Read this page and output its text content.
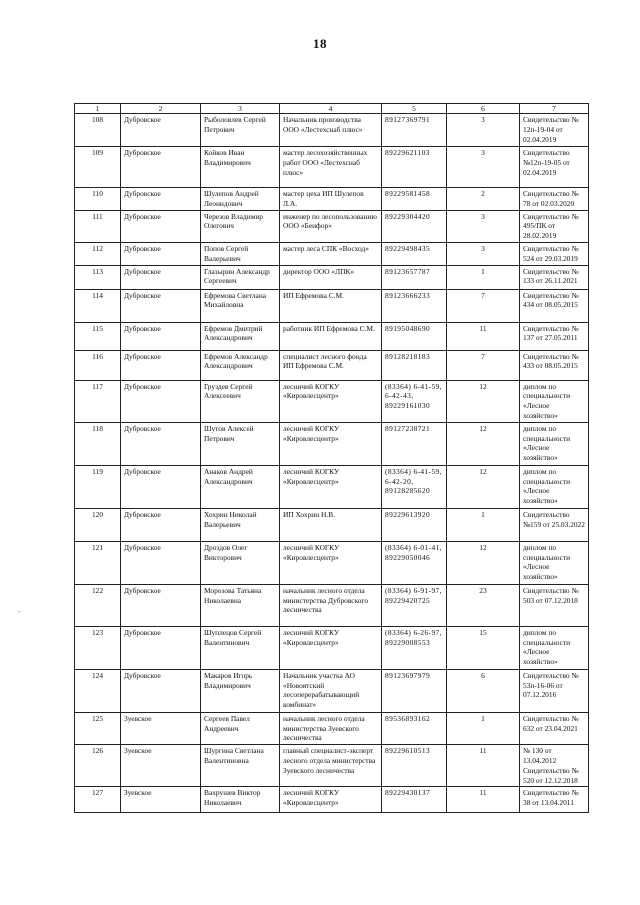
18
-
1	2	3	4	5	6	7
108	Дубровское	Рыболовлев Сергей Петрович	Начальник производства ООО «Лестехснаб плюс»	89127369791	3	Свидетельство № 12п-19-04 от 02.04.2019
109	Дубровское	Койков Иван Владимирович	мастер лесохозяйственных работ ООО «Лестехснаб плюс»	89229621103	3	Свидетельство №12п-19-05 от 02.04.2019
110	Дубровское	Шулепов Андрей Леонидович	мастер цеха ИП Шулепов Л.А.	89229581458	2	Свидетельство № 78 от 02.03.2020
111	Дубровское	Черезов Владимир Олегович	инженер по лесопользованию ООО «Бенфор»	89229304420	3	Свидетельство № 495/ПК от 28.02.2019
112	Дубровское	Попов Сергей Валерьевич	мастер леса СПК «Восход»	89229498435	3	Свидетельство № 524 от 29.03.2019
113	Дубровское	Глазырин Александр Сергеевич	директор ООО «ЛПК»	89123657787	1	Свидетельство № 133 от 26.11.2021
114	Дубровское	Ефремова Светлана Михайловна	ИП Ефремова С.М.	89123666233	7	Свидетельство № 434 от 08.05.2015
115	Дубровское	Ефремов Дмитрий Александрович	работник ИП Ефремова С.М.	89195048690	11	Свидетельство № 137 от 27.05.2011
116	Дубровское	Ефремов Александр Александрович	специалист лесного фонда ИП Ефремова С.М.	89128218183	7	Свидетельство № 433 от 08.05.2015
117	Дубровское	Груздев Сергей Алексеевич	лесничий КОГКУ «Кировлесцентр»	(83364) 6-41-59, 6-42-43, 89229161030	12	диплом по специальности «Лесное хозяйство»
118	Дубровское	Шутов Алексей Петрович	лесничий КОГКУ «Кировлесцентр»	89127238721	12	диплом по специальности «Лесное хозяйство»
119	Дубровское	Анаков Андрей Александрович	лесничий КОГКУ «Кировлесцентр»	(83364) 6-41-59, 6-42-20, 89128285620	12	диплом по специальности «Лесное хозяйство»
120	Дубровское	Хохрин Николай Валерьевич	ИП Хохрин Н.В.	89229613920	1	Свидетельство №159 от 25.03.2022
121	Дубровское	Дроздов Олег Викторович	лесничий КОГКУ «Кировлесцентр»	(83364) 6-01-41, 89229050046	12	диплом по специальности «Лесное хозяйство»
122	Дубровское	Морозова Татьяна Николаевна	начальник лесного отдела министерства Дубровского лесничества	(83364) 6-91-97, 89229420725	23	Свидетельство № 503 от 07.12.2018
123	Дубровское	Шуплецов Сергей Валентинович	лесничий КОГКУ «Кировлесцентр»	(83364) 6-26-97, 89229008553	15	диплом по специальности «Лесное хозяйство»
124	Дубровское	Макаров Игорь Владимирович	Начальник участка АО «Новоятский лесоперерабатывающий комбинат»	89123697979	6	Свидетельство № 53п-16-06 от 07.12.2016
125	Зуевское	Сергеев Павел Андреевич	начальник лесного отдела министерства Зуевского лесничества	89536893162	1	Свидетельство № 632 от 23.04.2021
126	Зуевское	Шургина Светлана Валентиновна	главный специалист-эксперт лесного отдела министерства Зуевского лесничества	89229610513	11	№ 130 от 13.04.2012 Свидетельство № 520 от 12.12.2018
127	Зуевское	Вахрушев Виктор Николаевич	лесничий КОГКУ «Кировлесцентр»	89229430137	11	Свидетельство № 38 от 13.04.2011
